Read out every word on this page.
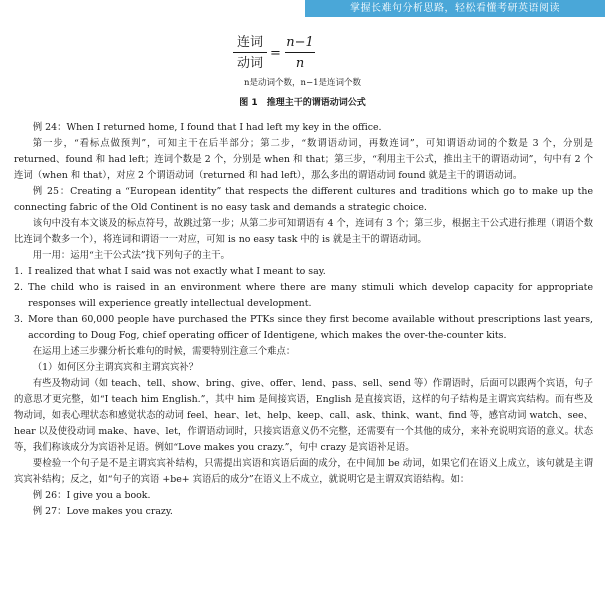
掌握长难句分析思路，轻松看懂考研英语阅读
连词
动词
=
n−1
n
n是动词个数，n−1是连词个数
图 1　推理主干的谓语动词公式

例 24：When I returned home, I found that I had left my key in the office.

第一步，“看标点做预判”，可知主干在后半部分；第二步，“数谓语动词，再数连词”，可知谓语动词的个数是 3 个，分别是 returned、found 和 had left；连词个数是 2 个，分别是 when 和 that；第三步，“利用主干公式，推出主干的谓语动词”，句中有 2 个连词（when 和 that），对应 2 个谓语动词（returned 和 had left），那么多出的谓语动词 found 就是主干的谓语动词。

例 25：Creating a “European identity” that respects the different cultures and traditions which go to make up the connecting fabric of the Old Continent is no easy task and demands a strategic choice.

该句中没有本文谈及的标点符号，故跳过第一步；从第二步可知谓语有 4 个，连词有 3 个；第三步，根据主干公式进行推理（谓语个数比连词个数多一个），将连词和谓语一一对应，可知 is no easy task 中的 is 就是主干的谓语动词。

用一用：运用“主干公式法”找下列句子的主干。

1. I realized that what I said was not exactly what I meant to say.

2. The child who is raised in an environment where there are many stimuli which develop capacity for appropriate responses will experience greatly intellectual development.

3. More than 60,000 people have purchased the PTKs since they first become available without prescriptions last years, according to Doug Fog, chief operating officer of Identigene, which makes the over-the-counter kits.

在运用上述三步骤分析长难句的时候，需要特别注意三个难点：

（1）如何区分主谓宾宾和主谓宾宾补？

有些及物动词（如 teach、tell、show、bring、give、offer、lend、pass、sell、send 等）作谓语时，后面可以跟两个宾语，句子的意思才更完整，如“I teach him English.”，其中 him 是间接宾语，English 是直接宾语，这样的句子结构是主谓宾宾结构。而有些及物动词，如表心理状态和感觉状态的动词 feel、hear、let、help、keep、call、ask、think、want、find 等，感官动词 watch、see、hear 以及使役动词 make、have、let，作谓语动词时，只接宾语意义仍不完整，还需要有一个其他的成分，来补充说明宾语的意义。状态等，我们称该成分为宾语补足语。例如“Love makes you crazy.”，句中 crazy 是宾语补足语。

要检验一个句子是不是主谓宾宾补结构，只需提出宾语和宾语后面的成分，在中间加 be 动词，如果它们在语义上成立，该句就是主谓宾宾补结构；反之，如“句子的宾语 +be+ 宾语后的成分”在语义上不成立，就说明它是主谓双宾语结构。如：

例 26：I give you a book.

例 27：Love makes you crazy.
